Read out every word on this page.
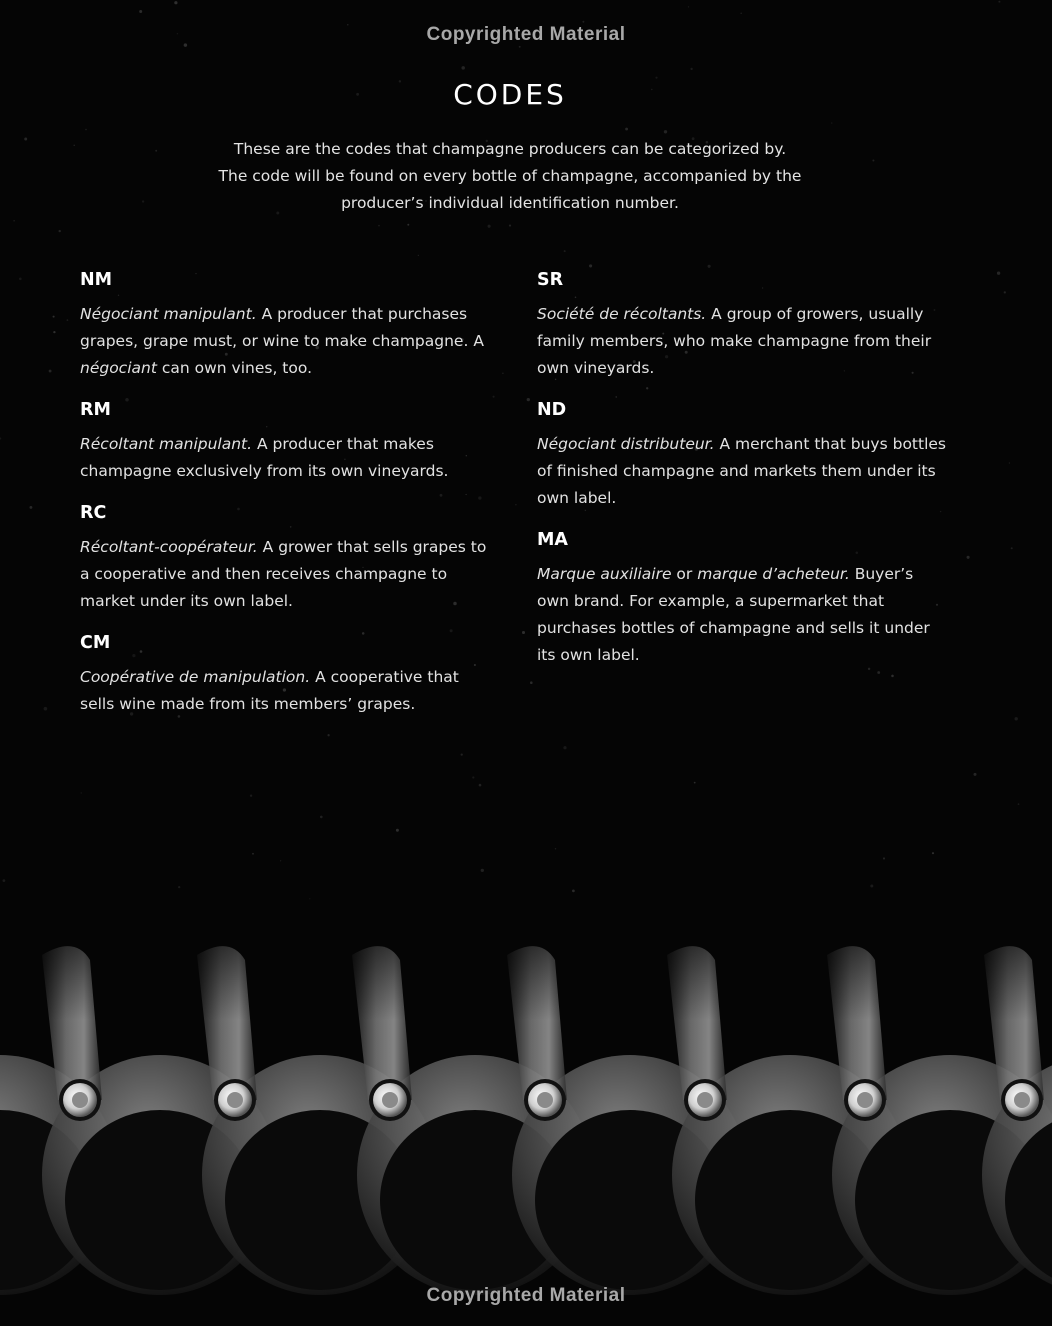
Copyrighted Material
CODES

These are the codes that champagne producers can be categorized by.

The code will be found on every bottle of champagne, accompanied by the

producer’s individual identification number.

NM

Négociant manipulant. A producer that purchases grapes, grape must, or wine to make champagne. A négociant can own vines, too.

RM

Récoltant manipulant. A producer that makes champagne exclusively from its own vineyards.

RC

Récoltant-coopérateur. A grower that sells grapes to a cooperative and then receives champagne to market under its own label.

CM

Coopérative de manipulation. A cooperative that sells wine made from its members’ grapes.

SR

Société de récoltants. A group of growers, usually family members, who make champagne from their own vineyards.

ND

Négociant distributeur. A merchant that buys bottles of finished champagne and markets them under its own label.

MA

Marque auxiliaire or marque d’acheteur. Buyer’s own brand. For example, a supermarket that purchases bottles of champagne and sells it under its own label.

Copyrighted Material
